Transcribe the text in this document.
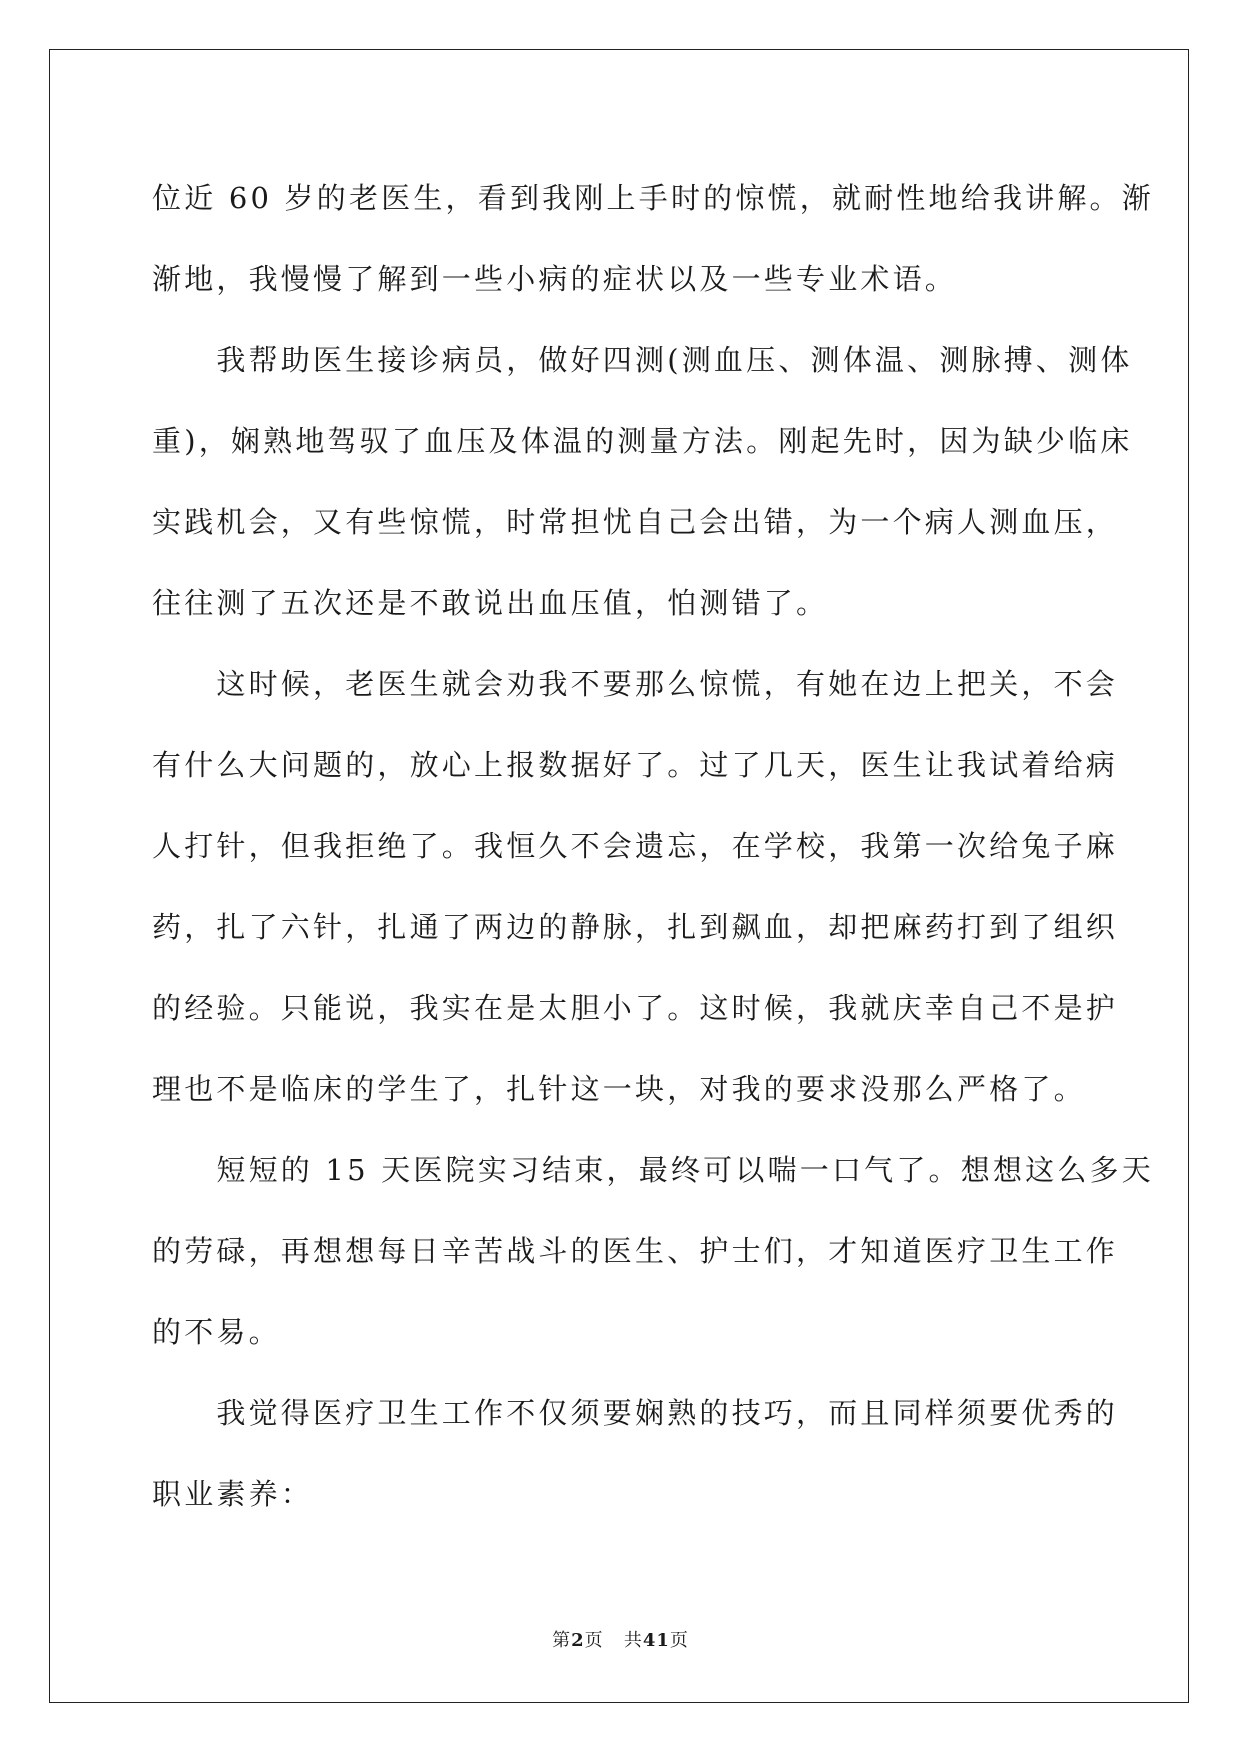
位近 60 岁的老医生，看到我刚上手时的惊慌，就耐性地给我讲解。渐
渐地，我慢慢了解到一些小病的症状以及一些专业术语。
　　我帮助医生接诊病员，做好四测(测血压、测体温、测脉搏、测体
重)，娴熟地驾驭了血压及体温的测量方法。刚起先时，因为缺少临床
实践机会，又有些惊慌，时常担忧自己会出错，为一个病人测血压，
往往测了五次还是不敢说出血压值，怕测错了。
　　这时候，老医生就会劝我不要那么惊慌，有她在边上把关，不会
有什么大问题的，放心上报数据好了。过了几天，医生让我试着给病
人打针，但我拒绝了。我恒久不会遗忘，在学校，我第一次给兔子麻
药，扎了六针，扎通了两边的静脉，扎到飙血，却把麻药打到了组织
的经验。只能说，我实在是太胆小了。这时候，我就庆幸自己不是护
理也不是临床的学生了，扎针这一块，对我的要求没那么严格了。
　　短短的 15 天医院实习结束，最终可以喘一口气了。想想这么多天
的劳碌，再想想每日辛苦战斗的医生、护士们，才知道医疗卫生工作
的不易。
　　我觉得医疗卫生工作不仅须要娴熟的技巧，而且同样须要优秀的
职业素养：
第2页 共41页
